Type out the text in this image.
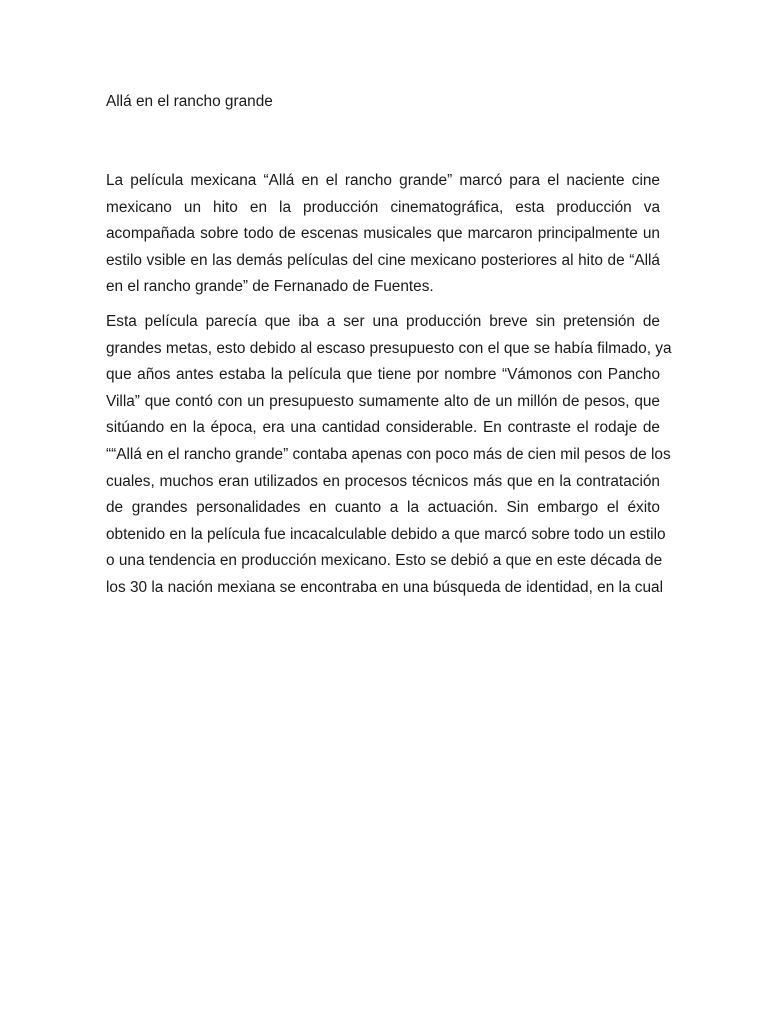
Allá en el rancho grande

La película mexicana “Allá en el rancho grande” marcó para el naciente cine
mexicano un hito en la producción cinematográfica, esta producción va
acompañada sobre todo de escenas musicales que marcaron principalmente un
estilo vsible en las demás películas del cine mexicano posteriores al hito de “Allá
en el rancho grande” de Fernanado de Fuentes.

Esta película parecía que iba a ser una producción breve sin pretensión de
grandes metas, esto debido al escaso presupuesto con el que se había filmado, ya
que años antes estaba la película que tiene por nombre “Vámonos con Pancho
Villa” que contó con un presupuesto sumamente alto de un millón de pesos, que
sitúando en la época, era una cantidad considerable. En contraste el rodaje de
““Allá en el rancho grande” contaba apenas con poco más de cien mil pesos de los
cuales, muchos eran utilizados en procesos técnicos más que en la contratación
de grandes personalidades en cuanto a la actuación. Sin embargo el éxito
obtenido en la película fue incacalculable debido a que marcó sobre todo un estilo
o una tendencia en producción mexicano. Esto se debió a que en este década de
los 30 la nación mexiana se encontraba en una búsqueda de identidad, en la cual
